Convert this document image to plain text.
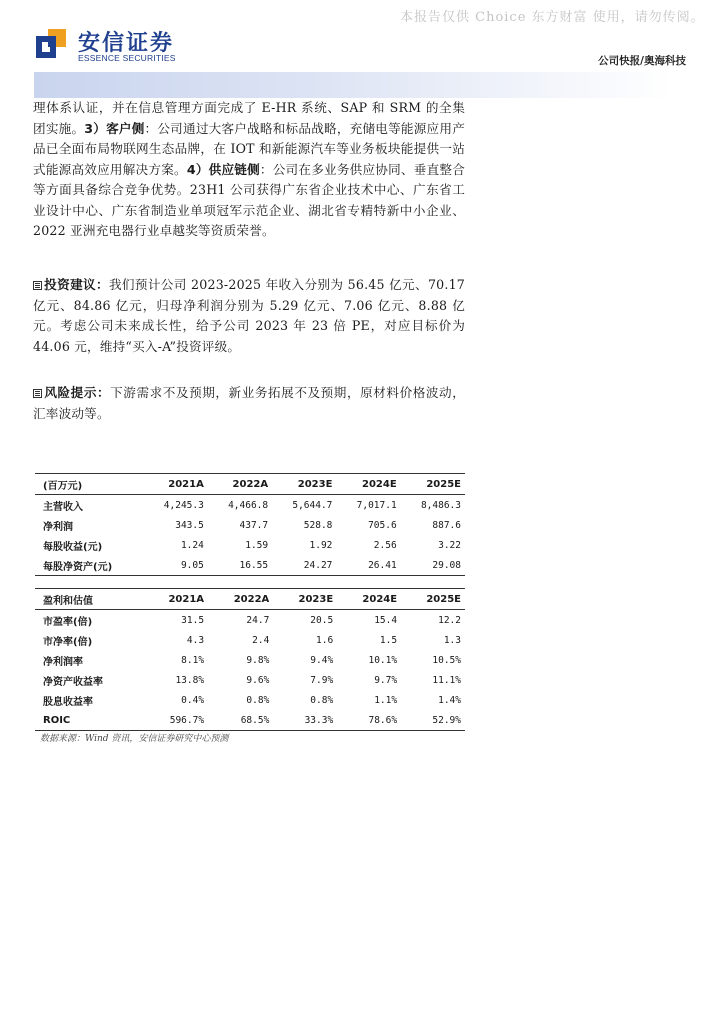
本报告仅供 Choice 东方财富 使用，请勿传阅。
安信证券
ESSENCE SECURITIES	公司快报/奥海科技
理体系认证，并在信息管理方面完成了 E-HR 系统、SAP 和 SRM 的全集团实施。3）客户侧：公司通过大客户战略和标品战略，充储电等能源应用产品已全面布局物联网生态品牌，在 IOT 和新能源汽车等业务板块能提供一站式能源高效应用解决方案。4）供应链侧：公司在多业务供应协同、垂直整合等方面具备综合竞争优势。23H1 公司获得广东省企业技术中心、广东省工业设计中心、广东省制造业单项冠军示范企业、湖北省专精特新中小企业、2022 亚洲充电器行业卓越奖等资质荣誉。
投资建议：我们预计公司 2023-2025 年收入分别为 56.45 亿元、70.17 亿元、84.86 亿元，归母净利润分别为 5.29 亿元、7.06 亿元、8.88 亿元。考虑公司未来成长性，给予公司 2023 年 23 倍 PE，对应目标价为 44.06 元，维持“买入-A”投资评级。
风险提示：下游需求不及预期，新业务拓展不及预期，原材料价格波动，汇率波动等。
(百万元)	2021A	2022A	2023E	2024E	2025E
主营收入	4,245.3	4,466.8	5,644.7	7,017.1	8,486.3
净利润	343.5	437.7	528.8	705.6	887.6
每股收益(元)	1.24	1.59	1.92	2.56	3.22
每股净资产(元)	9.05	16.55	24.27	26.41	29.08
盈利和估值	2021A	2022A	2023E	2024E	2025E
市盈率(倍)	31.5	24.7	20.5	15.4	12.2
市净率(倍)	4.3	2.4	1.6	1.5	1.3
净利润率	8.1%	9.8%	9.4%	10.1%	10.5%
净资产收益率	13.8%	9.6%	7.9%	9.7%	11.1%
股息收益率	0.4%	0.8%	0.8%	1.1%	1.4%
ROIC	596.7%	68.5%	33.3%	78.6%	52.9%
数据来源：Wind 资讯，安信证券研究中心预测
